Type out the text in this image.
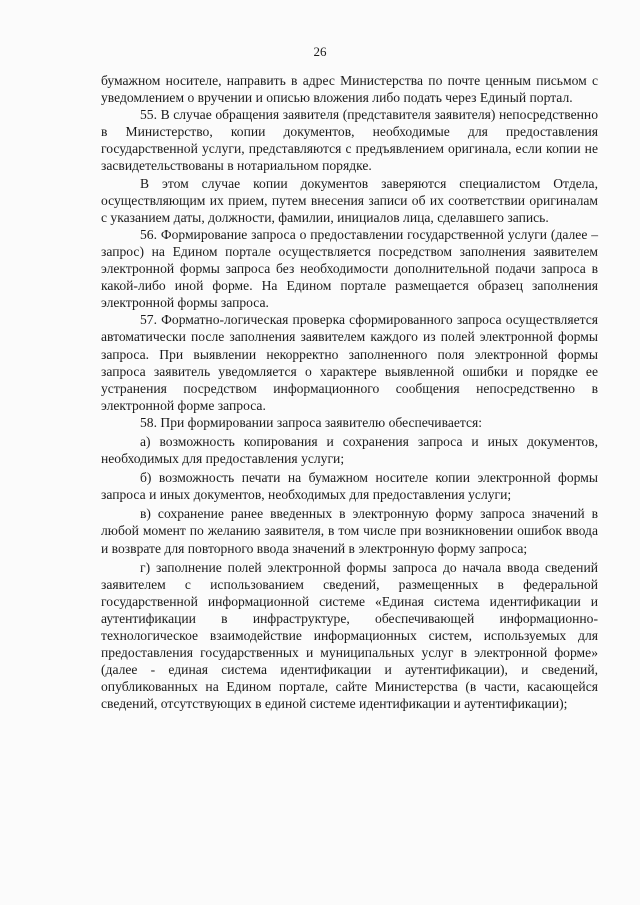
26

бумажном носителе, направить в адрес Министерства по почте ценным письмом с уведомлением о вручении и описью вложения либо подать через Единый портал.

55. В случае обращения заявителя (представителя заявителя) непосредственно в Министерство, копии документов, необходимые для предоставления государственной услуги, представляются с предъявлением оригинала, если копии не засвидетельствованы в нотариальном порядке.

В этом случае копии документов заверяются специалистом Отдела, осуществляющим их прием, путем внесения записи об их соответствии оригиналам с указанием даты, должности, фамилии, инициалов лица, сделавшего запись.

56. Формирование запроса о предоставлении государственной услуги (далее – запрос) на Едином портале осуществляется посредством заполнения заявителем электронной формы запроса без необходимости дополнительной подачи запроса в какой-либо иной форме. На Едином портале размещается образец заполнения электронной формы запроса.

57. Форматно-логическая проверка сформированного запроса осуществляется автоматически после заполнения заявителем каждого из полей электронной формы запроса. При выявлении некорректно заполненного поля электронной формы запроса заявитель уведомляется о характере выявленной ошибки и порядке ее устранения посредством информационного сообщения непосредственно в электронной форме запроса.

58. При формировании запроса заявителю обеспечивается:

а) возможность копирования и сохранения запроса и иных документов, необходимых для предоставления услуги;

б) возможность печати на бумажном носителе копии электронной формы запроса и иных документов, необходимых для предоставления услуги;

в) сохранение ранее введенных в электронную форму запроса значений в любой момент по желанию заявителя, в том числе при возникновении ошибок ввода и возврате для повторного ввода значений в электронную форму запроса;

г) заполнение полей электронной формы запроса до начала ввода сведений заявителем с использованием сведений, размещенных в федеральной государственной информационной системе «Единая система идентификации и аутентификации в инфраструктуре, обеспечивающей информационно-технологическое взаимодействие информационных систем, используемых для предоставления государственных и муниципальных услуг в электронной форме» (далее - единая система идентификации и аутентификации), и сведений, опубликованных на Едином портале, сайте Министерства (в части, касающейся сведений, отсутствующих в единой системе идентификации и аутентификации);
